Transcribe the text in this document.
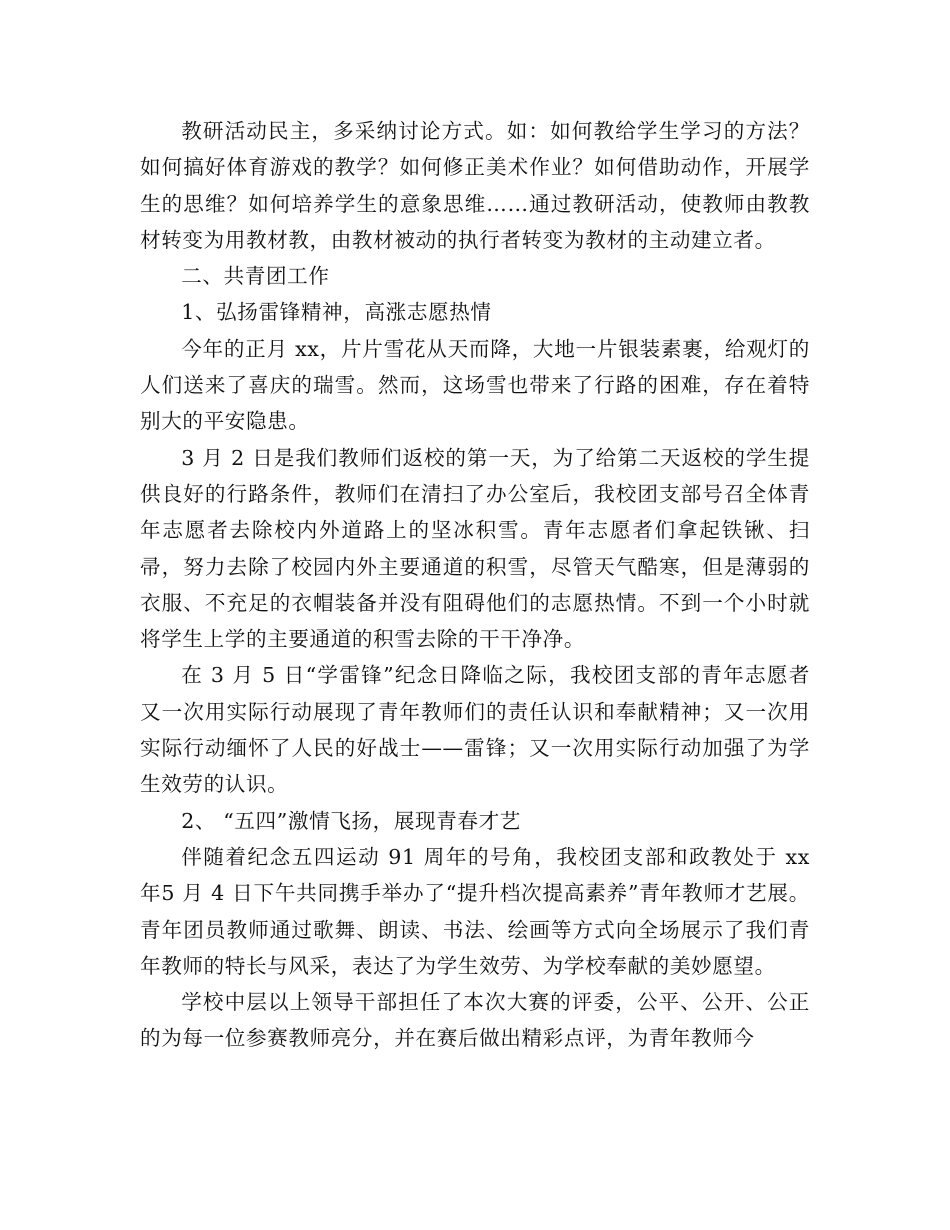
教研活动民主，多采纳讨论方式。如：如何教给学生学习的方法？如何搞好体育游戏的教学？如何修正美术作业？如何借助动作，开展学生的思维？如何培养学生的意象思维……通过教研活动，使教师由教教材转变为用教材教，由教材被动的执行者转变为教材的主动建立者。

二、共青团工作

1、弘扬雷锋精神，高涨志愿热情

今年的正月 xx，片片雪花从天而降，大地一片银装素裹，给观灯的人们送来了喜庆的瑞雪。然而，这场雪也带来了行路的困难，存在着特别大的平安隐患。

3 月 2 日是我们教师们返校的第一天，为了给第二天返校的学生提供良好的行路条件，教师们在清扫了办公室后，我校团支部号召全体青年志愿者去除校内外道路上的坚冰积雪。青年志愿者们拿起铁锹、扫帚，努力去除了校园内外主要通道的积雪，尽管天气酷寒，但是薄弱的衣服、不充足的衣帽装备并没有阻碍他们的志愿热情。不到一个小时就将学生上学的主要通道的积雪去除的干干净净。

在 3 月 5 日“学雷锋”纪念日降临之际，我校团支部的青年志愿者又一次用实际行动展现了青年教师们的责任认识和奉献精神；又一次用实际行动缅怀了人民的好战士——雷锋；又一次用实际行动加强了为学生效劳的认识。

2、 “五四”激情飞扬，展现青春才艺

伴随着纪念五四运动 91 周年的号角，我校团支部和政教处于 xx 年5 月 4 日下午共同携手举办了“提升档次提高素养”青年教师才艺展。青年团员教师通过歌舞、朗读、书法、绘画等方式向全场展示了我们青年教师的特长与风采，表达了为学生效劳、为学校奉献的美妙愿望。

学校中层以上领导干部担任了本次大赛的评委，公平、公开、公正的为每一位参赛教师亮分，并在赛后做出精彩点评，为青年教师今
